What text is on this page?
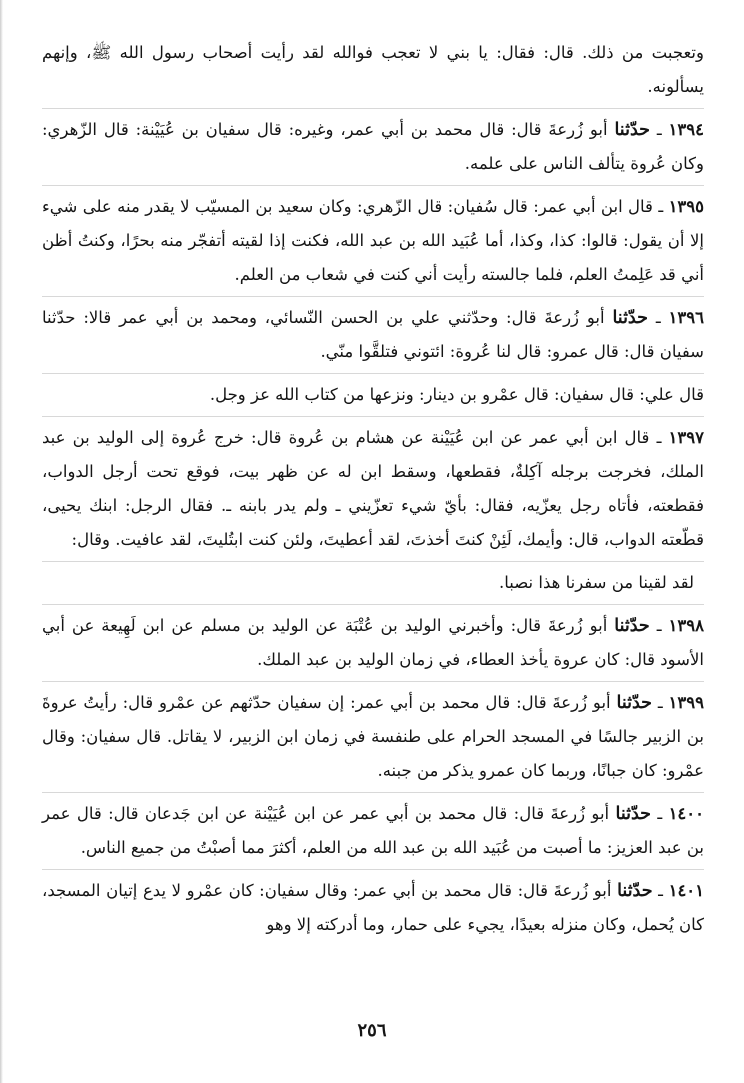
وتعجبت من ذلك. قال: فقال: يا بني لا تعجب فوالله لقد رأيت أصحاب رسول الله ﷺ، وإنهم يسألونه.

١٣٩٤ ـ حدّثنا أبو زُرعةَ قال: قال محمد بن أبي عمر، وغيره: قال سفيان بن عُيَيْنة: قال الزّهري: وكان عُروة يتألف الناس على علمه.

١٣٩٥ ـ قال ابن أبي عمر: قال سُفيان: قال الزّهري: وكان سعيد بن المسيّب لا يقدر منه على شيء إلا أن يقول: قالوا: كذا، وكذا، أما عُبَيد الله بن عبد الله، فكنت إذا لقيته أتفجّر منه بحرًا، وكنتُ أظن أني قد عَلِمتُ العلم، فلما جالسته رأيت أني كنت في شعاب من العلم.

١٣٩٦ ـ حدّثنا أبو زُرعةَ قال: وحدّثني علي بن الحسن النّسائي، ومحمد بن أبي عمر قالا: حدّثنا سفيان قال: قال عمرو: قال لنا عُروة: ائتوني فتلقَّوا منّي.

قال علي: قال سفيان: قال عمْرو بن دينار: ونزعها من كتاب الله عز وجل.

١٣٩٧ ـ قال ابن أبي عمر عن ابن عُيَيْنة عن هشام بن عُروة قال: خرج عُروة إلى الوليد بن عبد الملك، فخرجت برجله آكِلةٌ، فقطعها، وسقط ابن له عن ظهر بيت، فوقع تحت أرجل الدواب، فقطعته، فأتاه رجل يعزّيه، فقال: بأيّ شيء تعزّيني ـ ولم يدر بابنه ـ. فقال الرجل: ابنك يحيى، قطّعته الدواب، قال: وأيمك، لَئِنْ كنتَ أخذتَ، لقد أعطيتَ، ولئن كنت ابتُليتَ، لقد عافيت. وقال:

لقد لقينا من سفرنا هذا نصبا.

١٣٩٨ ـ حدّثنا أبو زُرعةَ قال: وأخبرني الوليد بن عُتْبَة عن الوليد بن مسلم عن ابن لَهِيعة عن أبي الأسود قال: كان عروة يأخذ العطاء، في زمان الوليد بن عبد الملك.

١٣٩٩ ـ حدّثنا أبو زُرعةَ قال: قال محمد بن أبي عمر: إن سفيان حدّثهم عن عمْرو قال: رأيتُ عروةَ بن الزبير جالسًا في المسجد الحرام على طنفسة في زمان ابن الزبير، لا يقاتل. قال سفيان: وقال عمْرو: كان جبانًا، وربما كان عمرو يذكر من جبنه.

١٤٠٠ ـ حدّثنا أبو زُرعةَ قال: قال محمد بن أبي عمر عن ابن عُيَيْنة عن ابن جَدعان قال: قال عمر بن عبد العزيز: ما أصبت من عُبَيد الله بن عبد الله من العلم، أكثرَ مما أصبْتُ من جميع الناس.

١٤٠١ ـ حدّثنا أبو زُرعةَ قال: قال محمد بن أبي عمر: وقال سفيان: كان عمْرو لا يدع إتيان المسجد، كان يُحمل، وكان منزله بعيدًا، يجيء على حمار، وما أدركته إلا وهو

٢٥٦
